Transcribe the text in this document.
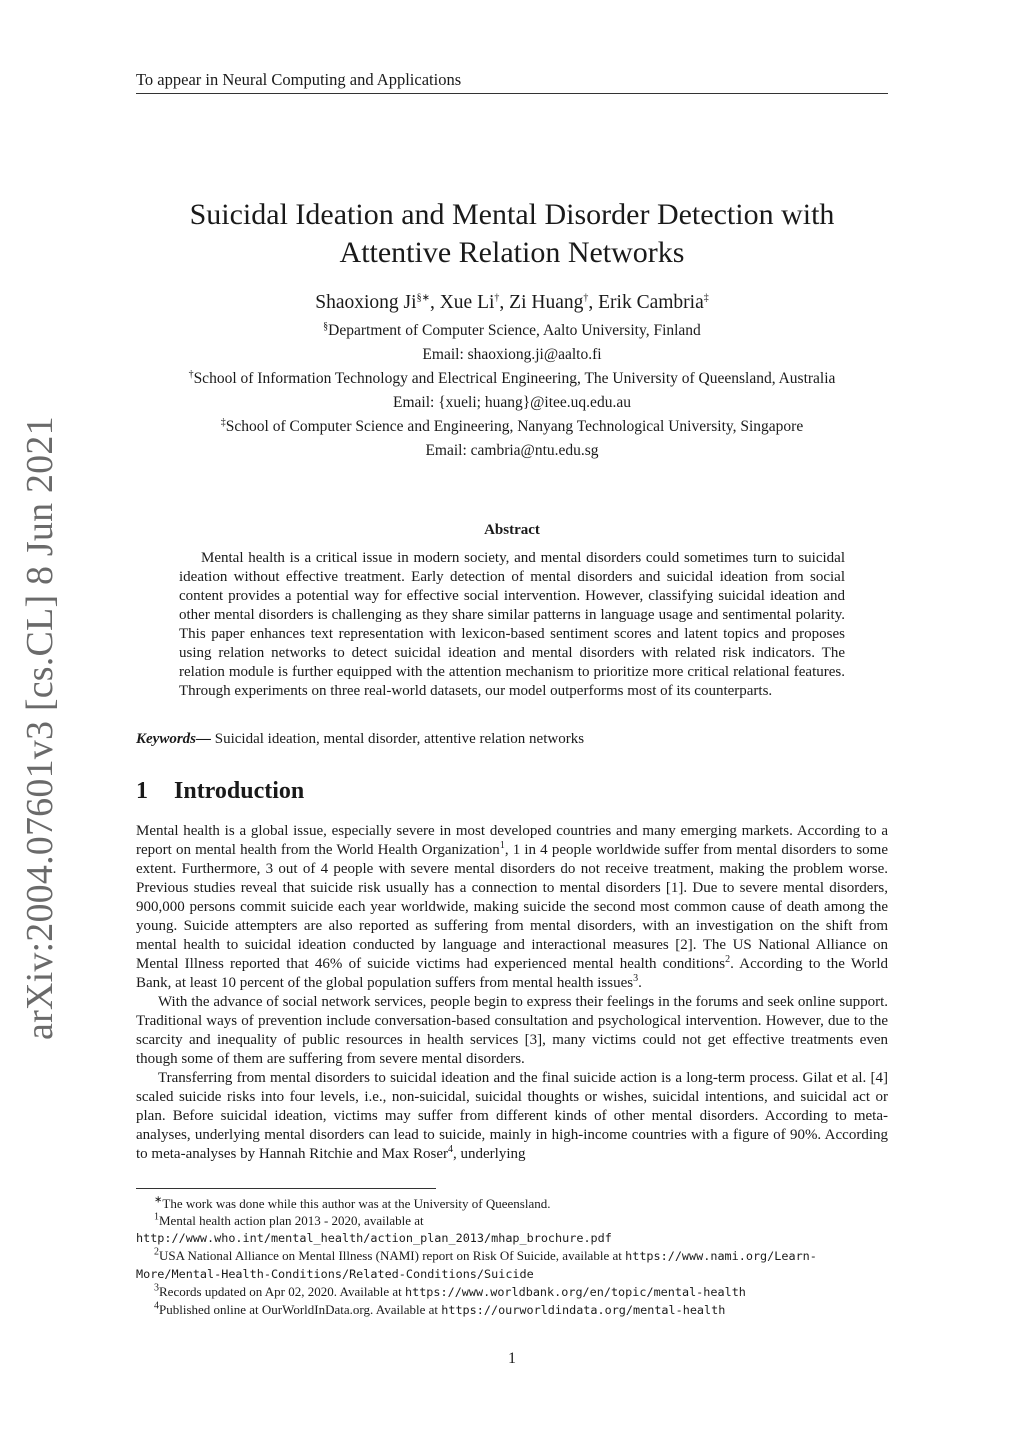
To appear in Neural Computing and Applications
arXiv:2004.07601v3 [cs.CL] 8 Jun 2021
Suicidal Ideation and Mental Disorder Detection with
Attentive Relation Networks
Shaoxiong Ji§∗, Xue Li†, Zi Huang†, Erik Cambria‡
§Department of Computer Science, Aalto University, Finland
Email: shaoxiong.ji@aalto.fi
†School of Information Technology and Electrical Engineering, The University of Queensland, Australia
Email: {xueli; huang}@itee.uq.edu.au
‡School of Computer Science and Engineering, Nanyang Technological University, Singapore
Email: cambria@ntu.edu.sg
Abstract

Mental health is a critical issue in modern society, and mental disorders could sometimes turn to suicidal ideation without effective treatment. Early detection of mental disorders and suicidal ideation from social content provides a potential way for effective social intervention. However, classifying suicidal ideation and other mental disorders is challenging as they share similar patterns in language usage and sentimental polarity. This paper enhances text representation with lexicon-based sentiment scores and latent topics and proposes using relation networks to detect suicidal ideation and mental disorders with related risk indicators. The relation module is further equipped with the attention mechanism to prioritize more critical relational features. Through experiments on three real-world datasets, our model outperforms most of its counterparts.

Keywords— Suicidal ideation, mental disorder, attentive relation networks
1 Introduction

Mental health is a global issue, especially severe in most developed countries and many emerging markets. According to a report on mental health from the World Health Organization$^1$, 1 in 4 people worldwide suffer from mental disorders to some extent. Furthermore, 3 out of 4 people with severe mental disorders do not receive treatment, making the problem worse. Previous studies reveal that suicide risk usually has a connection to mental disorders [1]. Due to severe mental disorders, 900,000 persons commit suicide each year worldwide, making suicide the second most common cause of death among the young. Suicide attempters are also reported as suffering from mental disorders, with an investigation on the shift from mental health to suicidal ideation conducted by language and interactional measures [2]. The US National Alliance on Mental Illness reported that 46% of suicide victims had experienced mental health conditions$^2$. According to the World Bank, at least 10 percent of the global population suffers from mental health issues$^3$.

With the advance of social network services, people begin to express their feelings in the forums and seek online support. Traditional ways of prevention include conversation-based consultation and psychological intervention. However, due to the scarcity and inequality of public resources in health services [3], many victims could not get effective treatments even though some of them are suffering from severe mental disorders.

Transferring from mental disorders to suicidal ideation and the final suicide action is a long-term process. Gilat et al. [4] scaled suicide risks into four levels, i.e., non-suicidal, suicidal thoughts or wishes, suicidal intentions, and suicidal act or plan. Before suicidal ideation, victims may suffer from different kinds of other mental disorders. According to meta-analyses, underlying mental disorders can lead to suicide, mainly in high-income countries with a figure of 90%. According to meta-analyses by Hannah Ritchie and Max Roser$^4$, underlying

∗The work was done while this author was at the University of Queensland.

$^1$Mental health action plan 2013 - 2020, available at http://www.who.int/mental_health/action_plan_2013/mhap_brochure.pdf

$^2$USA National Alliance on Mental Illness (NAMI) report on Risk Of Suicide, available at https://www.nami.org/Learn-More/Mental-Health-Conditions/Related-Conditions/Suicide

$^3$Records updated on Apr 02, 2020. Available at https://www.worldbank.org/en/topic/mental-health

$^4$Published online at OurWorldInData.org. Available at https://ourworldindata.org/mental-health

1
